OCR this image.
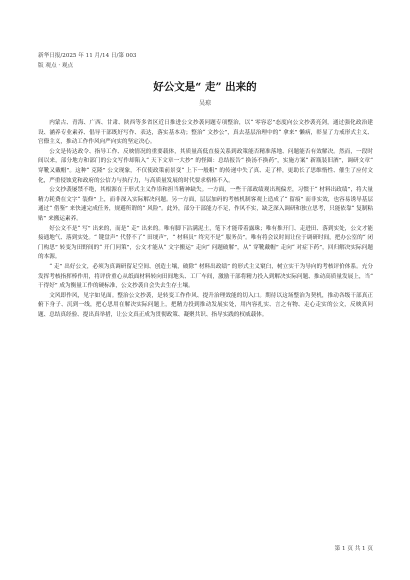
新华日报/2025 年 11 月/14 日/第 003
版 观点 · 观点
好公文是“ 走” 出来的
吴琼

内蒙古、青海、广西、甘肃、陕西等多省区近日推进公文抄袭问题专项整治，以“ 零容忍”态度向公文抄袭亮剑，通过强化政治建设、涵养专业素养、倡导干部既好写作、表达，落实基本功；整治“ 文抄公”，真去基层治理中的“ 拿来” 懒病，彰显了力戒形式主义、官僚主义，推动工作作风向严向实的坚定决心。

公文是传达政令、指导工作、反映情况的重要载体，其质量高低直接关系到政策能否精准落地、问题能否有效解决。然而，一段时间以来，部分地方和部门的公文写作却陷入“ 天下文章一大抄” 的怪圈：总结报告“ 换汤不换药”，实施方案“ 新瓶装旧酒”，调研文章“ 穿靴又戴帽”。这种“ 克隆” 公文现象，不仅使政策前景变“ 上下一般粗” 的传递中失了真、走了样，更助长了思维惰性、催生了应付文化，严重侵蚀党和政府的公信力与执行力，与高质量发展的时代要求格格不入。

公文抄袭屡禁不绝，其根源在于形式主义作祟和担当精神缺失。一方面，一些干部政绩观出现偏差，习惯于“ 材料出政绩”，将大量精力耗费在文字“ 装修” 上，而非深入实际解决问题。另一方面，层层加码的考核机制客观上造成了“ 留痕” 而非实效，也容易诱导基层通过“ 借鉴” 来快速完成任务，规避所谓的“ 风险”。此外，部分干部能力不足，作风不实，缺乏深入调研和独立思考，只能依靠“ 复制粘贴” 来搬运素养。

好公文不是“ 写” 出来的，而是“ 走” 出来的。唯有脚下沾满泥土，笔下才能带着露珠；唯有推开门、走进田、落到实处，公文才能接通地气、落到实处。“ 键盘声” 代替不了“ 田埂声”，“ 材料员” 终究不是“ 服务员”。唯有将会议时间让位于调研时间，把办公室的“ 闭门构思” 转变为田野间的“ 开门问策”，公文才能从“ 文字搬运” 走向“ 问题破解”，从“ 穿靴戴帽” 走向“ 对症下药”，回归解决实际问题的本源。

“ 走” 出好公文，必须为真调研留足空间、创造土壤，破除“ 材料出政绩” 的形式主义窠臼，树立实干为导向的考核评价体系。充分发挥考核指挥棒作用，将评价重心从纸面材料转向田间地头、工厂车间，激励干部将精力投入到解决实际问题、推动高质量发展上，当“ 干得好” 成为衡量工作的硬标准，公文抄袭自会失去生存土壤。

文风即作风，见字如见面。整治公文抄袭，是转变工作作风、提升治理效能的切入口。期待以这场整治为契机，推动各级干部真正俯下身子、沉到一线，把心思用在解决实际问题上，把精力投到推动发展实处，用内容扎实、言之有物、走心走实的公文，反映真问题、总结真经验、提出真举措，让公文真正成为贯彻政策、凝聚共识、指导实践的权威载体。

第 1 页 共 1 页
